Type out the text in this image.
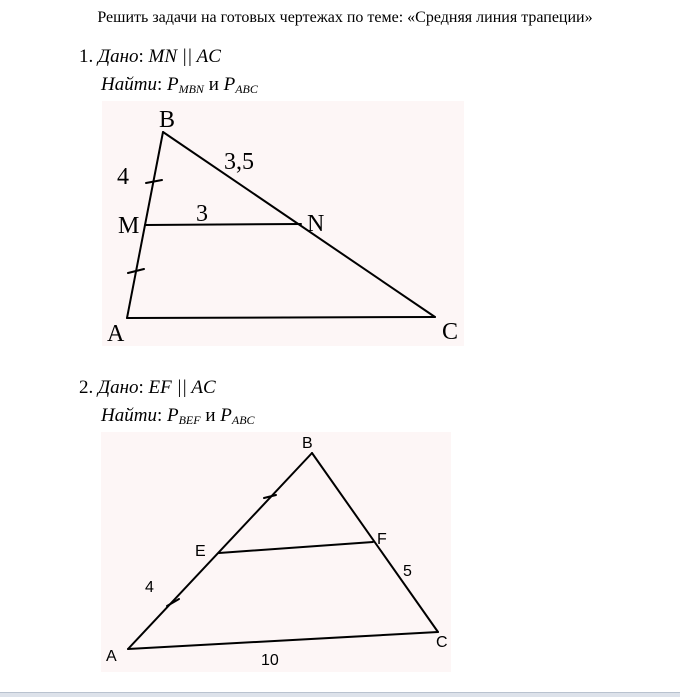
Решить задачи на готовых чертежах по теме: «Средняя линия трапеции»
1. Дано: MN || AC
Найти: $P_{MBN}$ и $P_{ABC}$
B
M	N
A	C
4
3,5
3
2. Дано: EF || AC
Найти: $P_{BEF}$ и $P_{ABC}$
B
E
F
A
C
4
5
10
